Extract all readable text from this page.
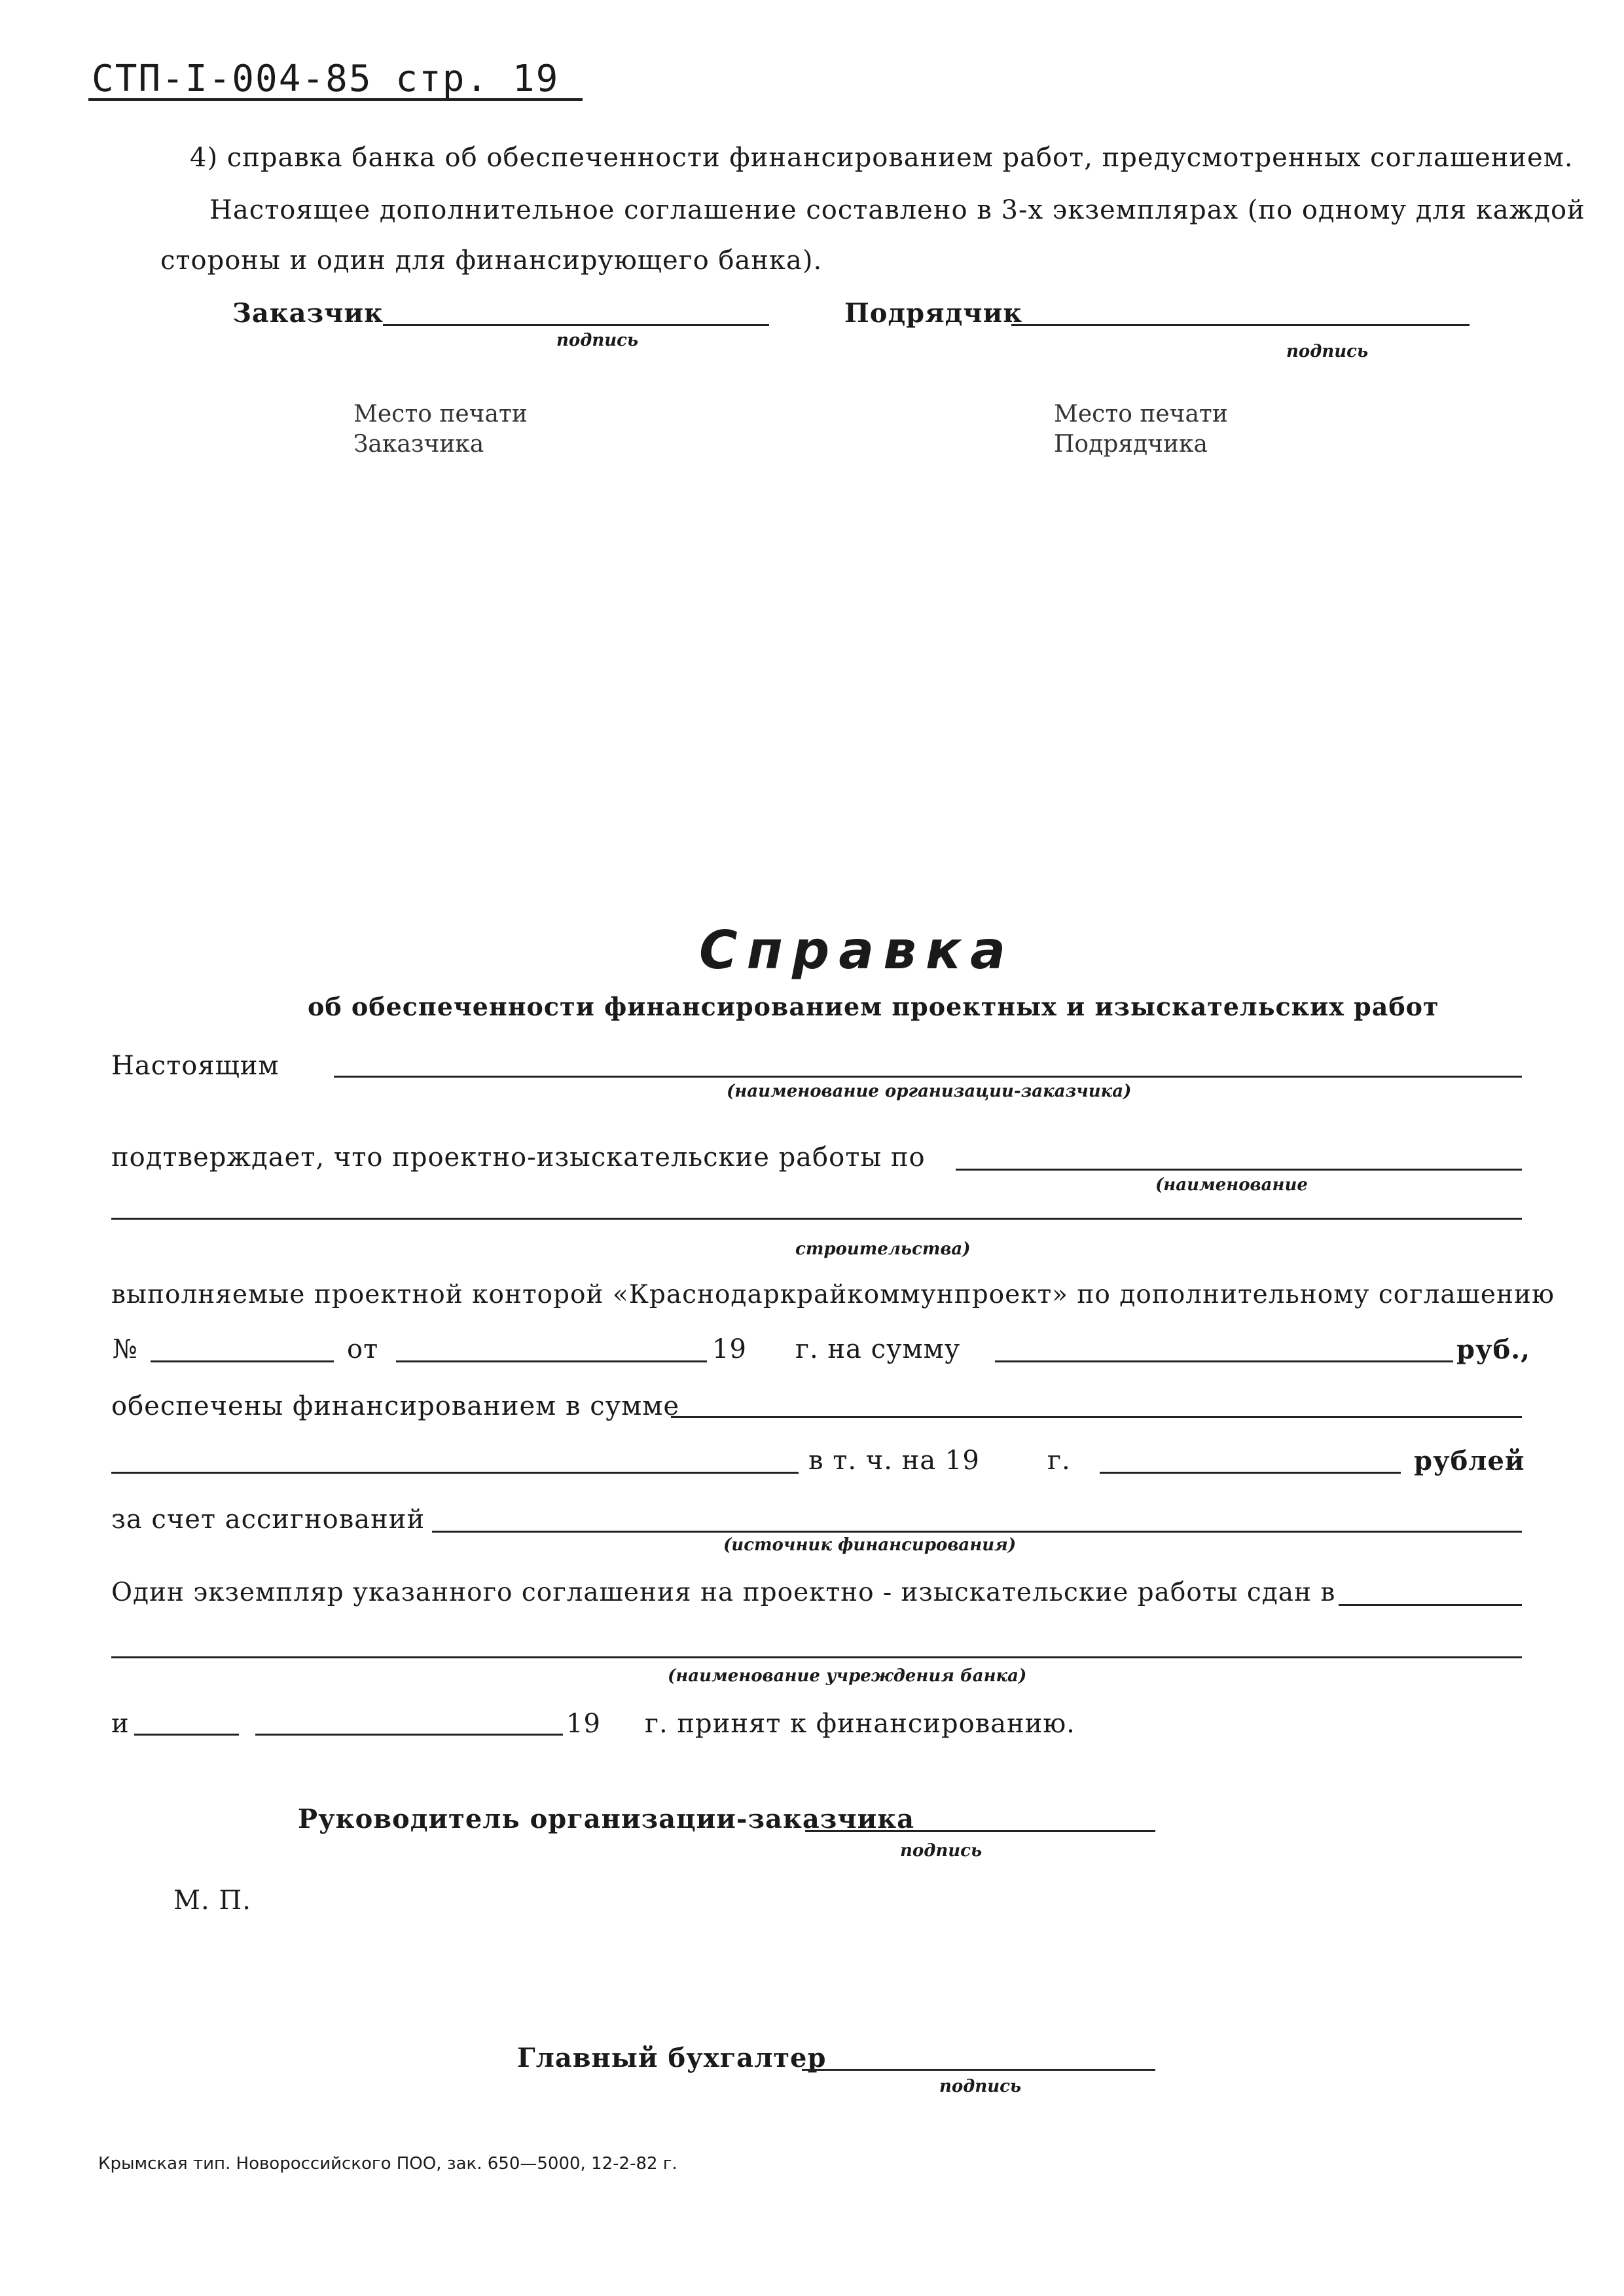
СТП-I-004-85 стр. 19
4) справка банка об обеспеченности финансированием работ, предусмотренных соглашением.
Настоящее дополнительное соглашение составлено в 3-х экземплярах (по одному для каждой
стороны и один для финансирующего банка).
Заказчик
подпись
Подрядчик
подпись
Место печати
Заказчика
Место печати
Подрядчика
Справка
об обеспеченности финансированием проектных и изыскательских работ
Настоящим
(наименование организации-заказчика)
подтверждает, что проектно-изыскательские работы по
(наименование
строительства)
выполняемые проектной конторой «Краснодаркрайкоммунпроект» по дополнительному соглашению
№	от	19 г. на сумму	руб.,
обеспечены финансированием в сумме
в т. ч. на 19	г.	рублей
за счет ассигнований
(источник финансирования)
Один экземпляр указанного соглашения на проектно - изыскательские работы сдан в
(наименование учреждения банка)
и	19 г. принят к финансированию.
Руководитель организации-заказчика
подпись
М. П.
Главный бухгалтер
подпись
Крымская тип. Новороссийского ПОО, зак. 650—5000, 12-2-82 г.
